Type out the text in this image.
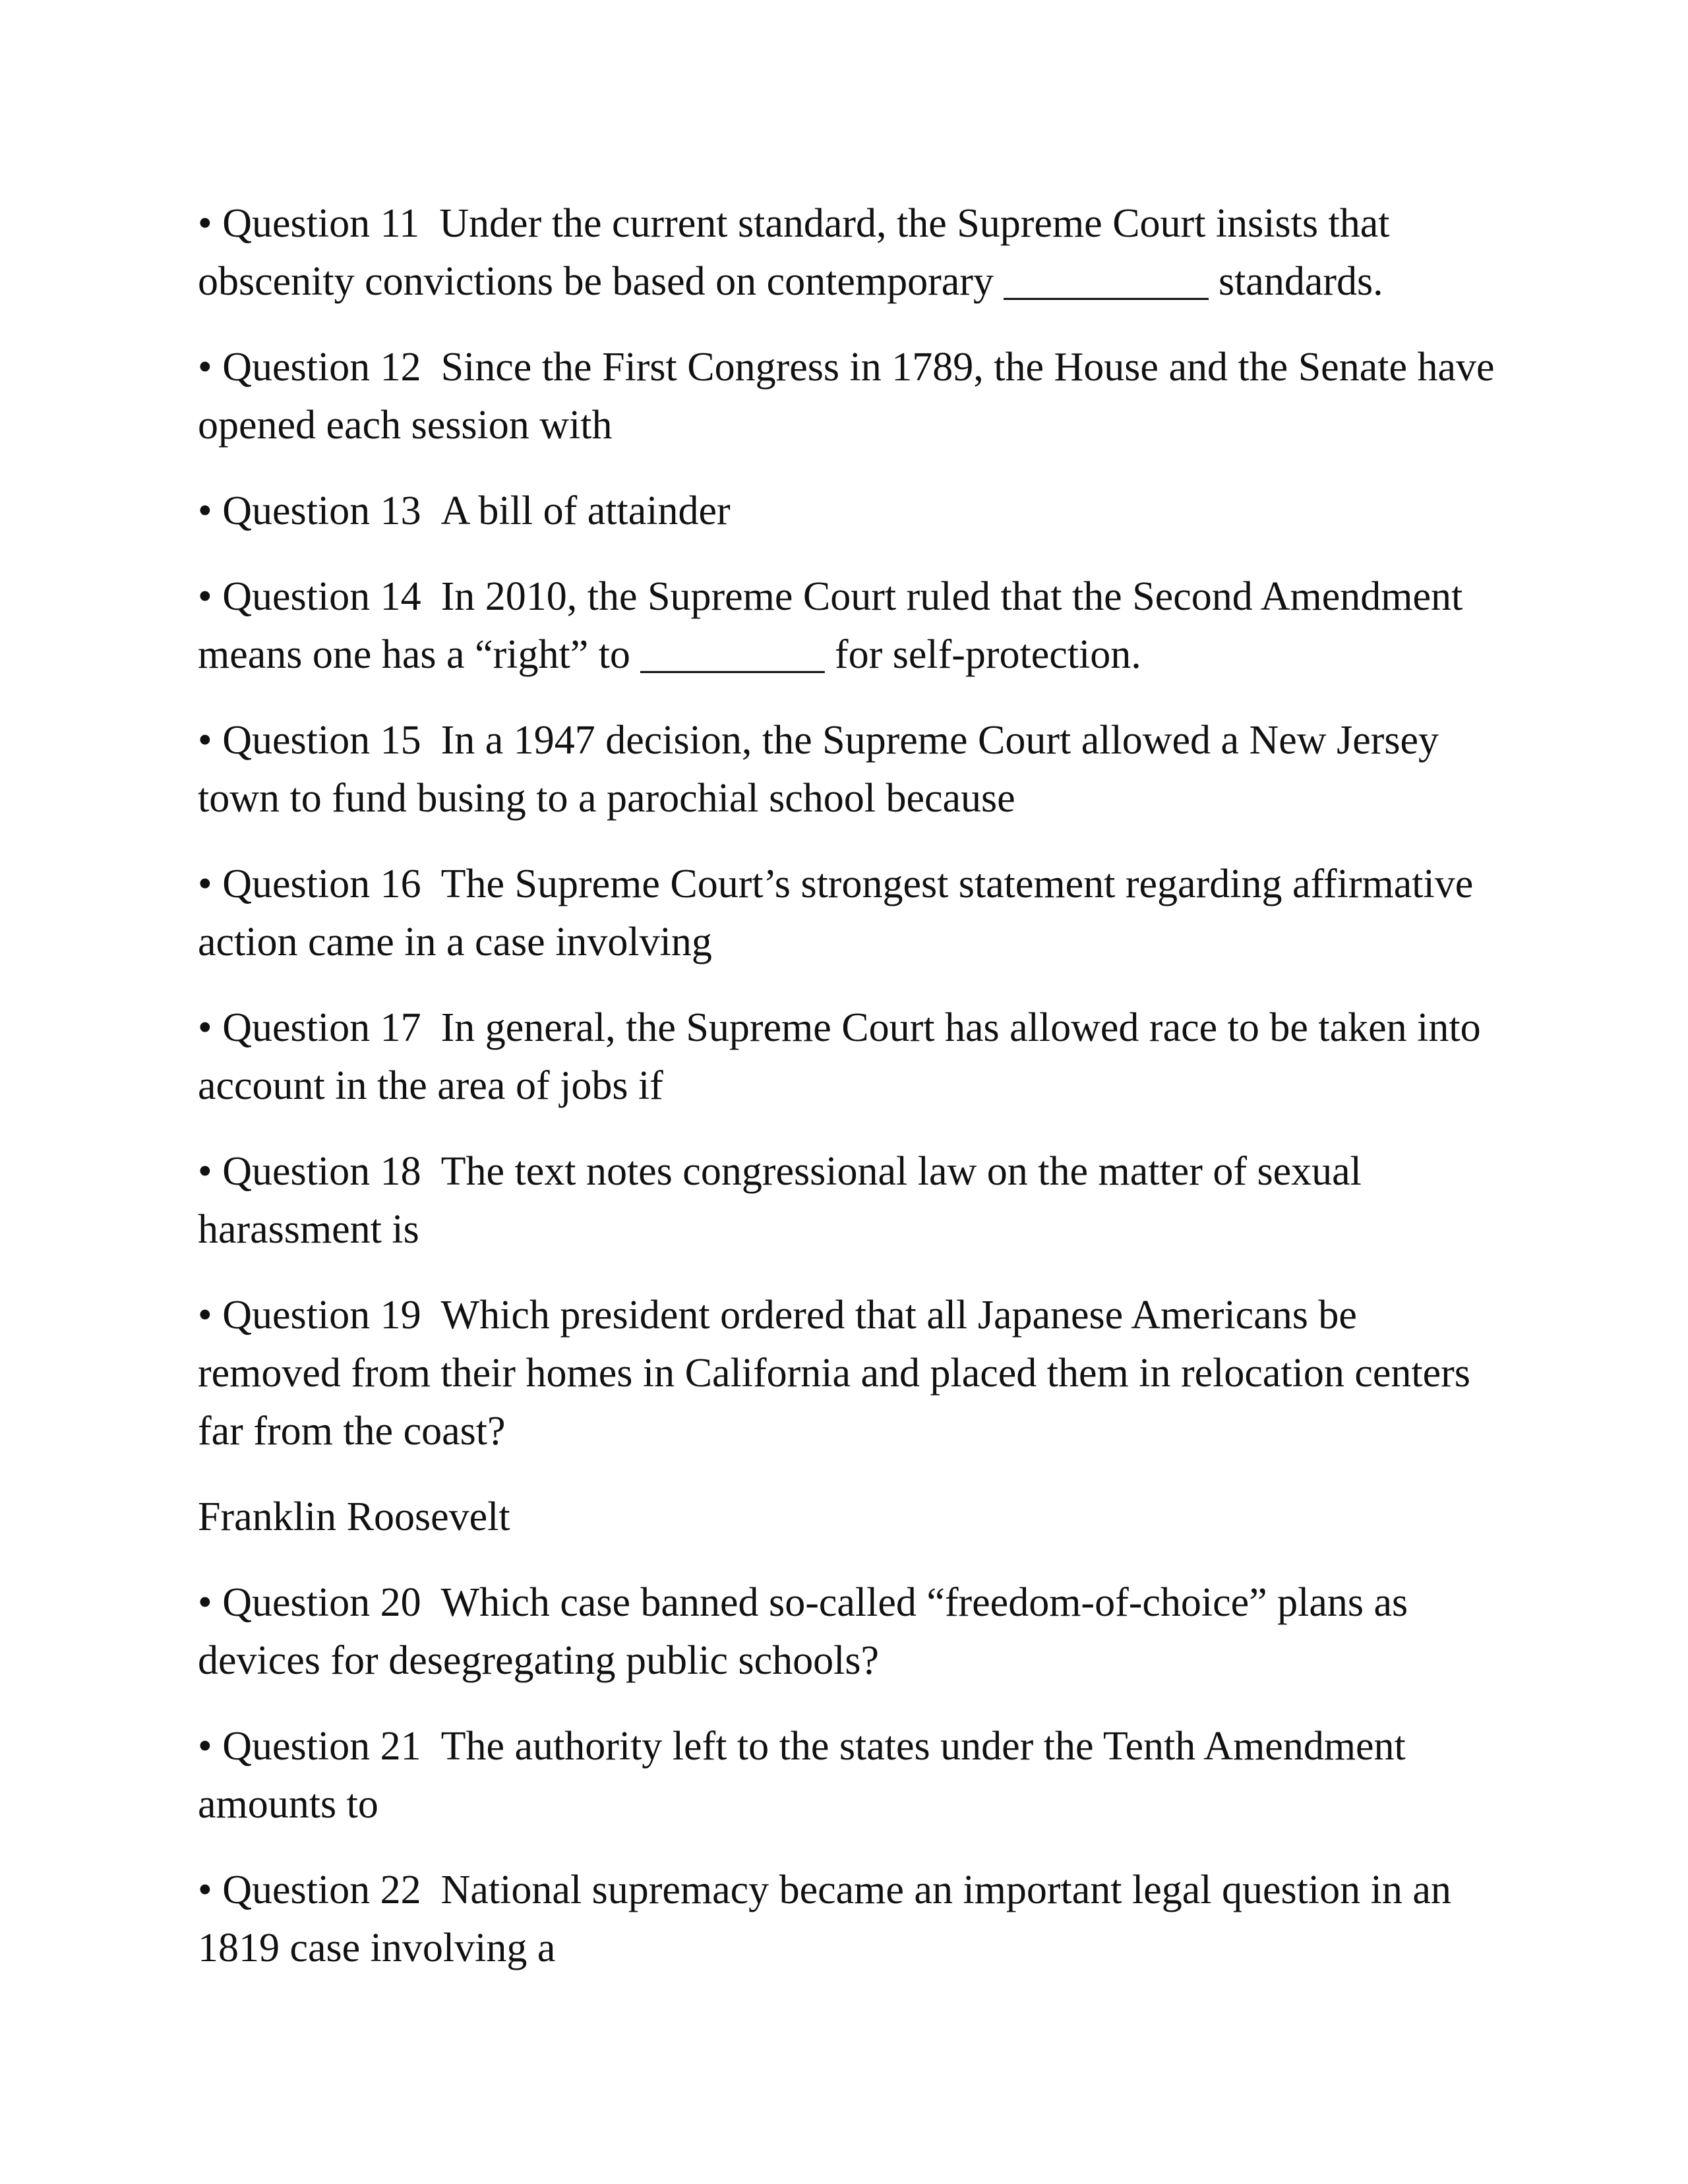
• Question 11 Under the current standard, the Supreme Court insists that obscenity convictions be based on contemporary __________ standards.

• Question 12 Since the First Congress in 1789, the House and the Senate have opened each session with

• Question 13 A bill of attainder

• Question 14 In 2010, the Supreme Court ruled that the Second Amendment means one has a “right” to _________ for self-protection.

• Question 15 In a 1947 decision, the Supreme Court allowed a New Jersey town to fund busing to a parochial school because

• Question 16 The Supreme Court’s strongest statement regarding affirmative action came in a case involving

• Question 17 In general, the Supreme Court has allowed race to be taken into account in the area of jobs if

• Question 18 The text notes congressional law on the matter of sexual harassment is

• Question 19 Which president ordered that all Japanese Americans be removed from their homes in California and placed them in relocation centers far from the coast?

Franklin Roosevelt

• Question 20 Which case banned so-called “freedom-of-choice” plans as devices for desegregating public schools?

• Question 21 The authority left to the states under the Tenth Amendment amounts to

• Question 22 National supremacy became an important legal question in an 1819 case involving a
